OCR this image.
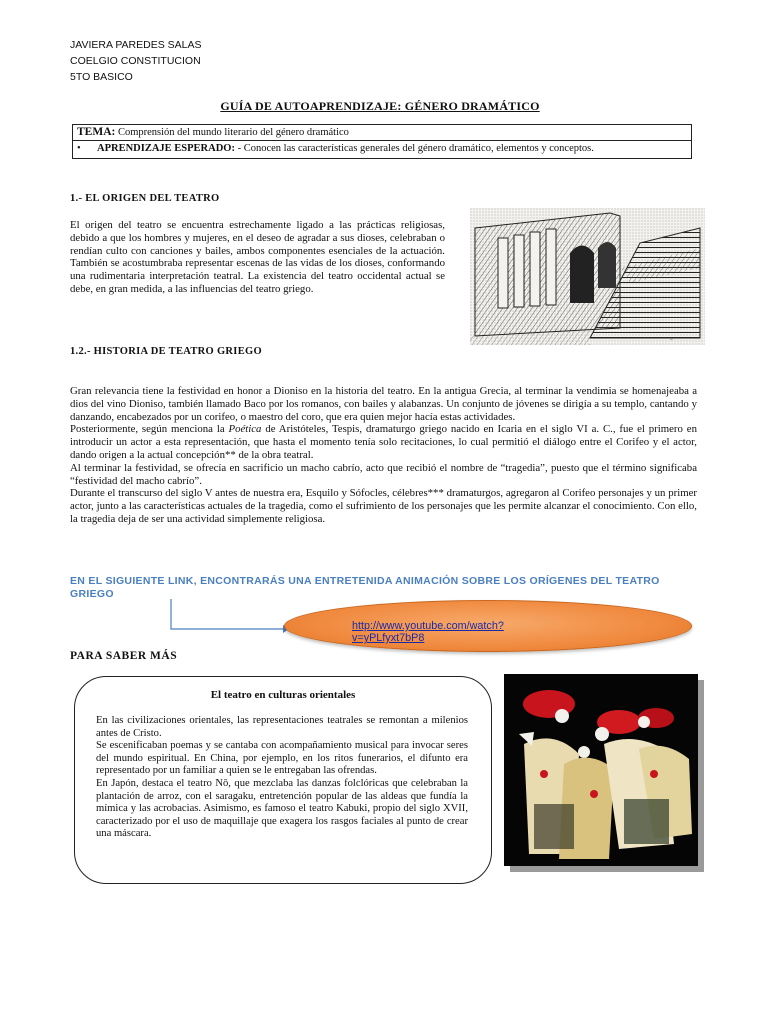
JAVIERA PAREDES SALAS
COELGIO CONSTITUCION
5TO BASICO
GUÍA DE AUTOAPRENDIZAJE: GÉNERO DRAMÁTICO
TEMA: Comprensión del mundo literario del género dramático
•	APRENDIZAJE ESPERADO: - Conocen las características generales del género dramático, elementos y conceptos.
1.- EL ORIGEN DEL TEATRO

El origen del teatro se encuentra estrechamente ligado a las prácticas religiosas, debido a que los hombres y mujeres, en el deseo de agradar a sus dioses, celebraban o rendían culto con canciones y bailes, ambos componentes esenciales de la actuación. También se acostumbraba representar escenas de las vidas de los dioses, conformando una rudimentaria interpretación teatral. La existencia del teatro occidental actual se debe, en gran medida, a las influencias del teatro griego.

~
1.2.- HISTORIA DE TEATRO GRIEGO

Gran relevancia tiene la festividad en honor a Dioniso en la historia del teatro. En la antigua Grecia, al terminar la vendimia se homenajeaba a dios del vino Dioniso, también llamado Baco por los romanos, con bailes y alabanzas. Un conjunto de jóvenes se dirigía a su templo, cantando y danzando, encabezados por un corifeo, o maestro del coro, que era quien mejor hacía estas actividades.

Posteriormente, según menciona la Poética de Aristóteles, Tespis, dramaturgo griego nacido en Icaria en el siglo VI a. C., fue el primero en introducir un actor a esta representación, que hasta el momento tenía solo recitaciones, lo cual permitió el diálogo entre el Corifeo y el actor, dando origen a la actual concepción** de la obra teatral.

Al terminar la festividad, se ofrecía en sacrificio un macho cabrío, acto que recibió el nombre de “tragedia”, puesto que el término significaba “festividad del macho cabrío”.

Durante el transcurso del siglo V antes de nuestra era, Esquilo y Sófocles, célebres*** dramaturgos, agregaron al Corifeo personajes y un primer actor, junto a las características actuales de la tragedia, como el sufrimiento de los personajes que les permite alcanzar el conocimiento. Con ello, la tragedia deja de ser una actividad simplemente religiosa.

EN EL SIGUIENTE LINK, ENCONTRARÁS UNA ENTRETENIDA ANIMACIÓN SOBRE LOS ORÍGENES DEL TEATRO GRIEGO
http://www.youtube.com/watch?
v=yPLfyxt7bP8
PARA SABER MÁS
El teatro en culturas orientales

En las civilizaciones orientales, las representaciones teatrales se remontan a milenios antes de Cristo.

Se escenificaban poemas y se cantaba con acompañamiento musical para invocar seres del mundo espiritual. En China, por ejemplo, en los ritos funerarios, el difunto era representado por un familiar a quien se le entregaban las ofrendas.

En Japón, destaca el teatro Nō, que mezclaba las danzas folclóricas que celebraban la plantación de arroz, con el saragaku, entretención popular de las aldeas que fundía la mímica y las acrobacias. Asimismo, es famoso el teatro Kabuki, propio del siglo XVII, caracterizado por el uso de maquillaje que exagera los rasgos faciales al punto de crear una máscara.
